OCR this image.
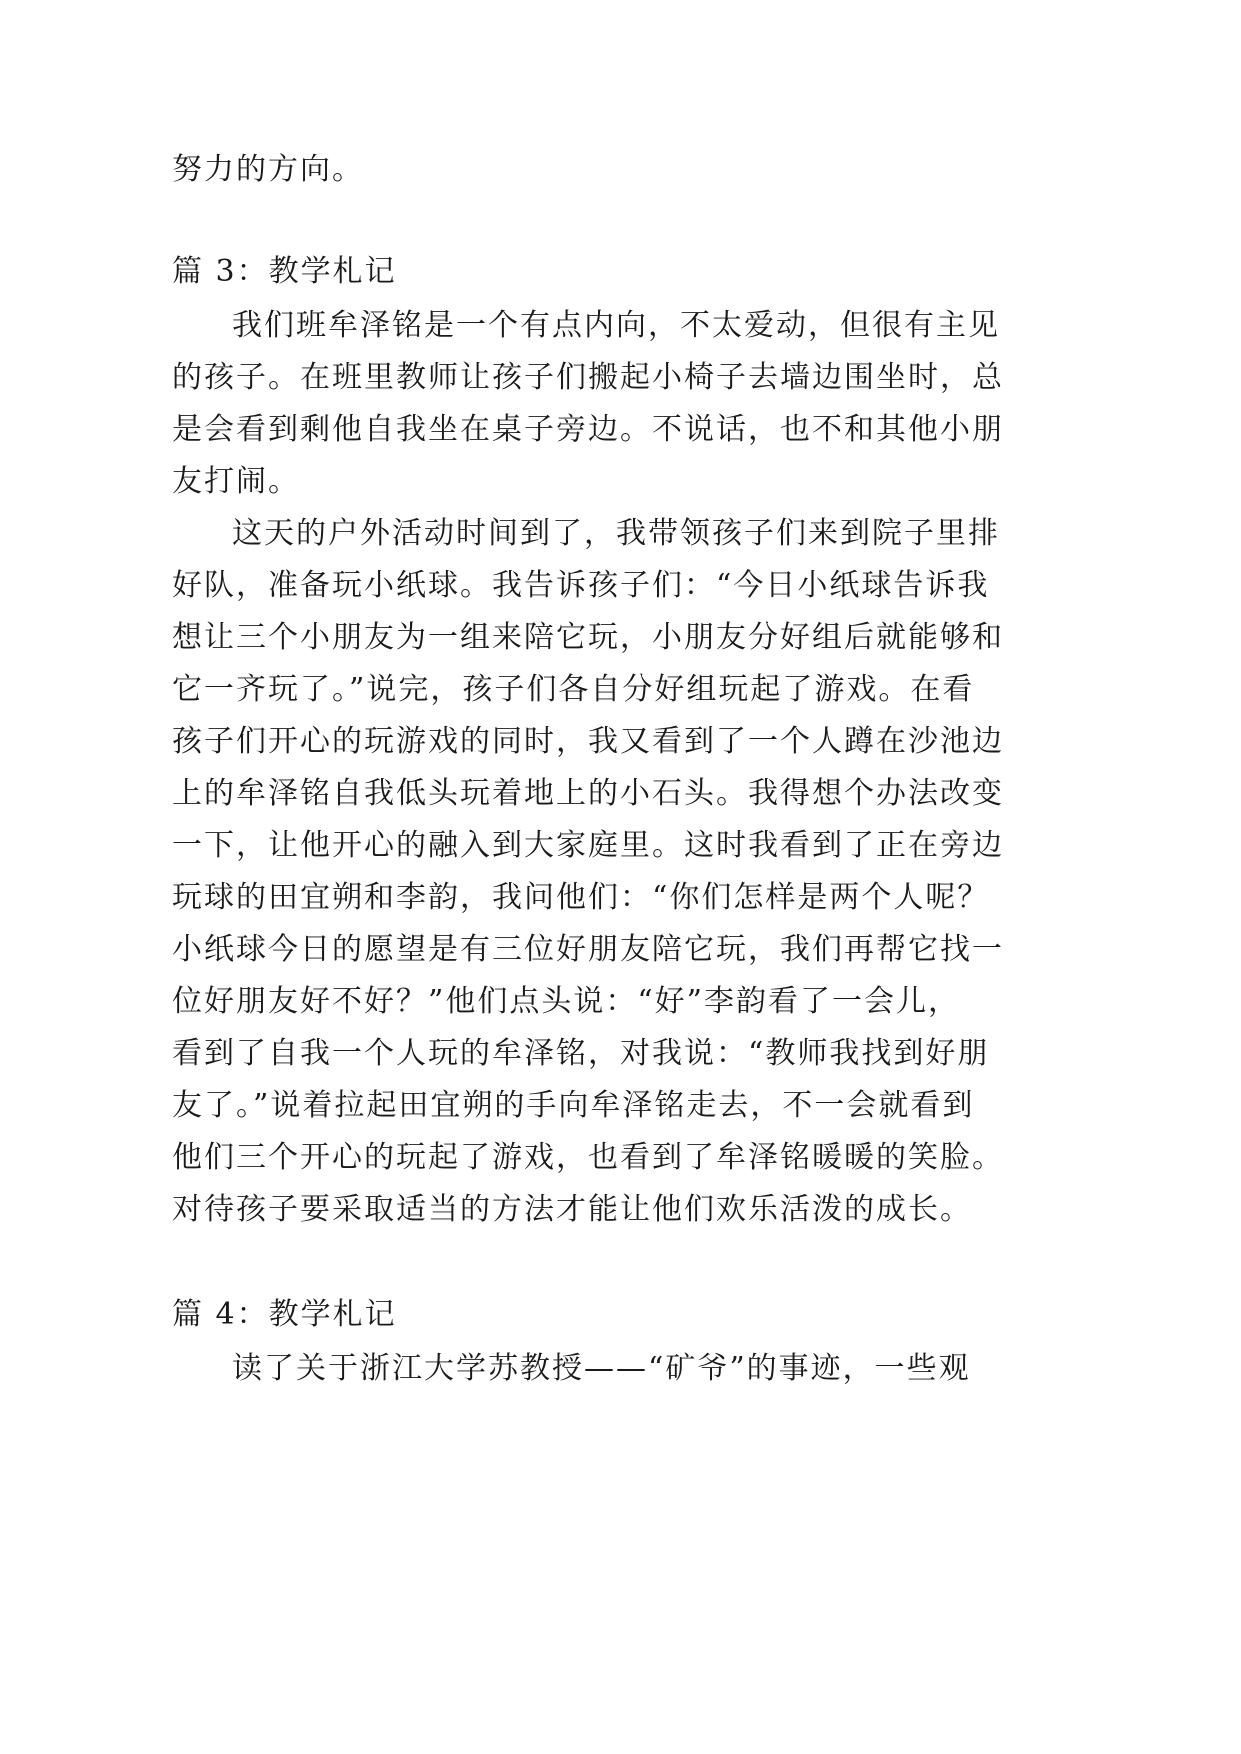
努力的方向。
篇 3：教学札记
我们班牟泽铭是一个有点内向，不太爱动，但很有主见
的孩子。在班里教师让孩子们搬起小椅子去墙边围坐时，总
是会看到剩他自我坐在桌子旁边。不说话，也不和其他小朋
友打闹。
这天的户外活动时间到了，我带领孩子们来到院子里排
好队，准备玩小纸球。我告诉孩子们：“今日小纸球告诉我
想让三个小朋友为一组来陪它玩，小朋友分好组后就能够和
它一齐玩了。”说完，孩子们各自分好组玩起了游戏。在看
孩子们开心的玩游戏的同时，我又看到了一个人蹲在沙池边
上的牟泽铭自我低头玩着地上的小石头。我得想个办法改变
一下，让他开心的融入到大家庭里。这时我看到了正在旁边
玩球的田宜朔和李韵，我问他们：“你们怎样是两个人呢？
小纸球今日的愿望是有三位好朋友陪它玩，我们再帮它找一
位好朋友好不好？”他们点头说：“好”李韵看了一会儿，
看到了自我一个人玩的牟泽铭，对我说：“教师我找到好朋
友了。”说着拉起田宜朔的手向牟泽铭走去，不一会就看到
他们三个开心的玩起了游戏，也看到了牟泽铭暖暖的笑脸。
对待孩子要采取适当的方法才能让他们欢乐活泼的成长。
篇 4：教学札记
读了关于浙江大学苏教授——“矿爷”的事迹，一些观
